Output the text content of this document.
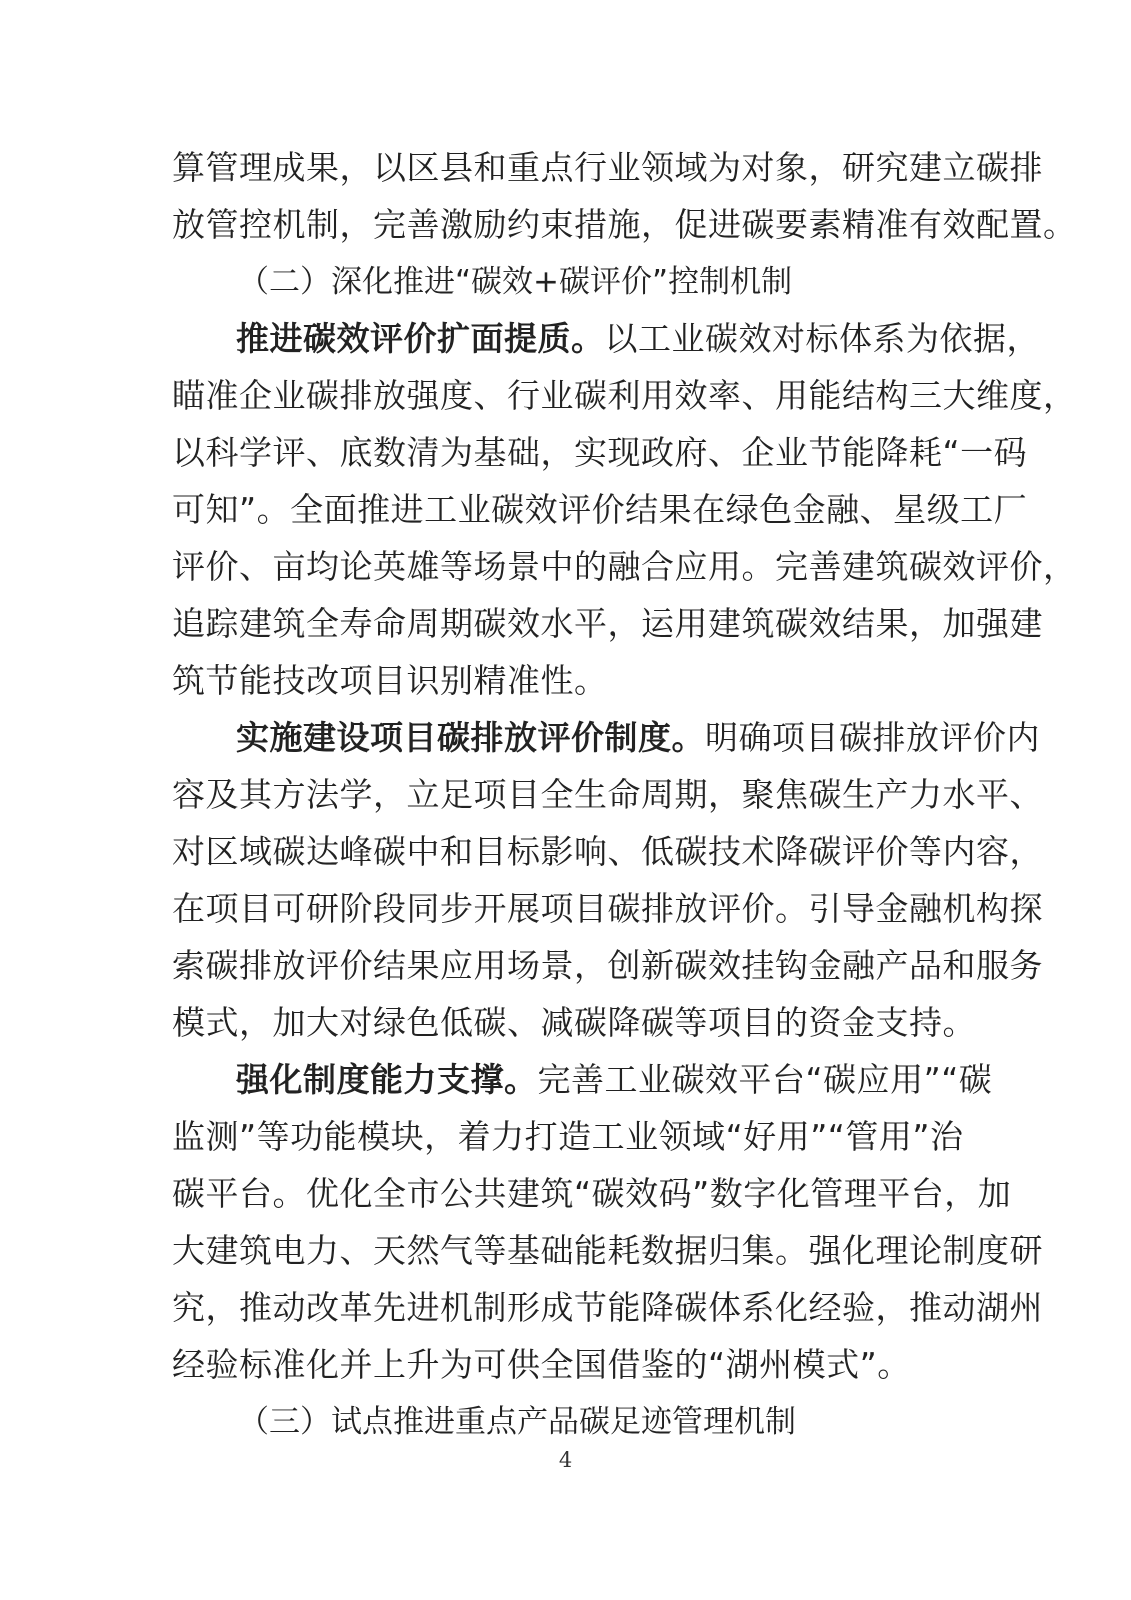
算管理成果，以区县和重点行业领域为对象，研究建立碳排
放管控机制，完善激励约束措施，促进碳要素精准有效配置。
（二）深化推进“碳效+碳评价”控制机制
推进碳效评价扩面提质。以工业碳效对标体系为依据，
瞄准企业碳排放强度、行业碳利用效率、用能结构三大维度，
以科学评、底数清为基础，实现政府、企业节能降耗“一码
可知”。全面推进工业碳效评价结果在绿色金融、星级工厂
评价、亩均论英雄等场景中的融合应用。完善建筑碳效评价，
追踪建筑全寿命周期碳效水平，运用建筑碳效结果，加强建
筑节能技改项目识别精准性。
实施建设项目碳排放评价制度。明确项目碳排放评价内
容及其方法学，立足项目全生命周期，聚焦碳生产力水平、
对区域碳达峰碳中和目标影响、低碳技术降碳评价等内容，
在项目可研阶段同步开展项目碳排放评价。引导金融机构探
索碳排放评价结果应用场景，创新碳效挂钩金融产品和服务
模式，加大对绿色低碳、减碳降碳等项目的资金支持。
强化制度能力支撑。完善工业碳效平台“碳应用”“碳
监测”等功能模块，着力打造工业领域“好用”“管用”治
碳平台。优化全市公共建筑“碳效码”数字化管理平台，加
大建筑电力、天然气等基础能耗数据归集。强化理论制度研
究，推动改革先进机制形成节能降碳体系化经验，推动湖州
经验标准化并上升为可供全国借鉴的“湖州模式”。
（三）试点推进重点产品碳足迹管理机制
4
